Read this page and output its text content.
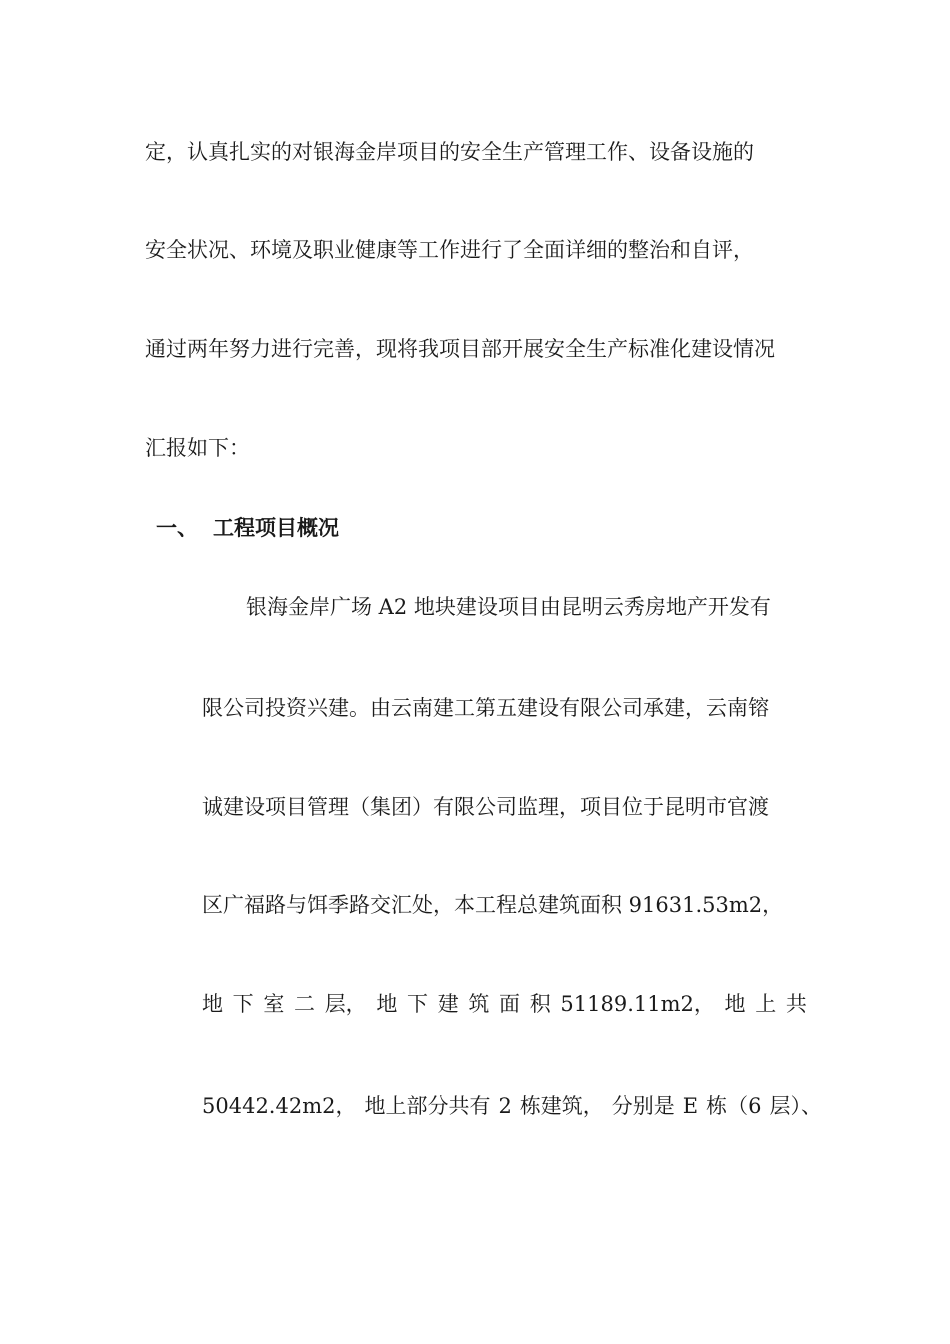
定，认真扎实的对银海金岸项目的安全生产管理工作、设备设施的
安全状况、环境及职业健康等工作进行了全面详细的整治和自评，
通过两年努力进行完善，现将我项目部开展安全生产标准化建设情况
汇报如下：
一、 工程项目概况
银海金岸广场 A2 地块建设项目由昆明云秀房地产开发有
限公司投资兴建。由云南建工第五建设有限公司承建，云南镕
诚建设项目管理（集团）有限公司监理，项目位于昆明市官渡
区广福路与饵季路交汇处，本工程总建筑面积 91631.53m2，
地 下 室 二 层， 地 下 建 筑 面 积 51189.11m2， 地 上 共
50442.42m2， 地上部分共有 2 栋建筑， 分别是 E 栋（6 层）、
